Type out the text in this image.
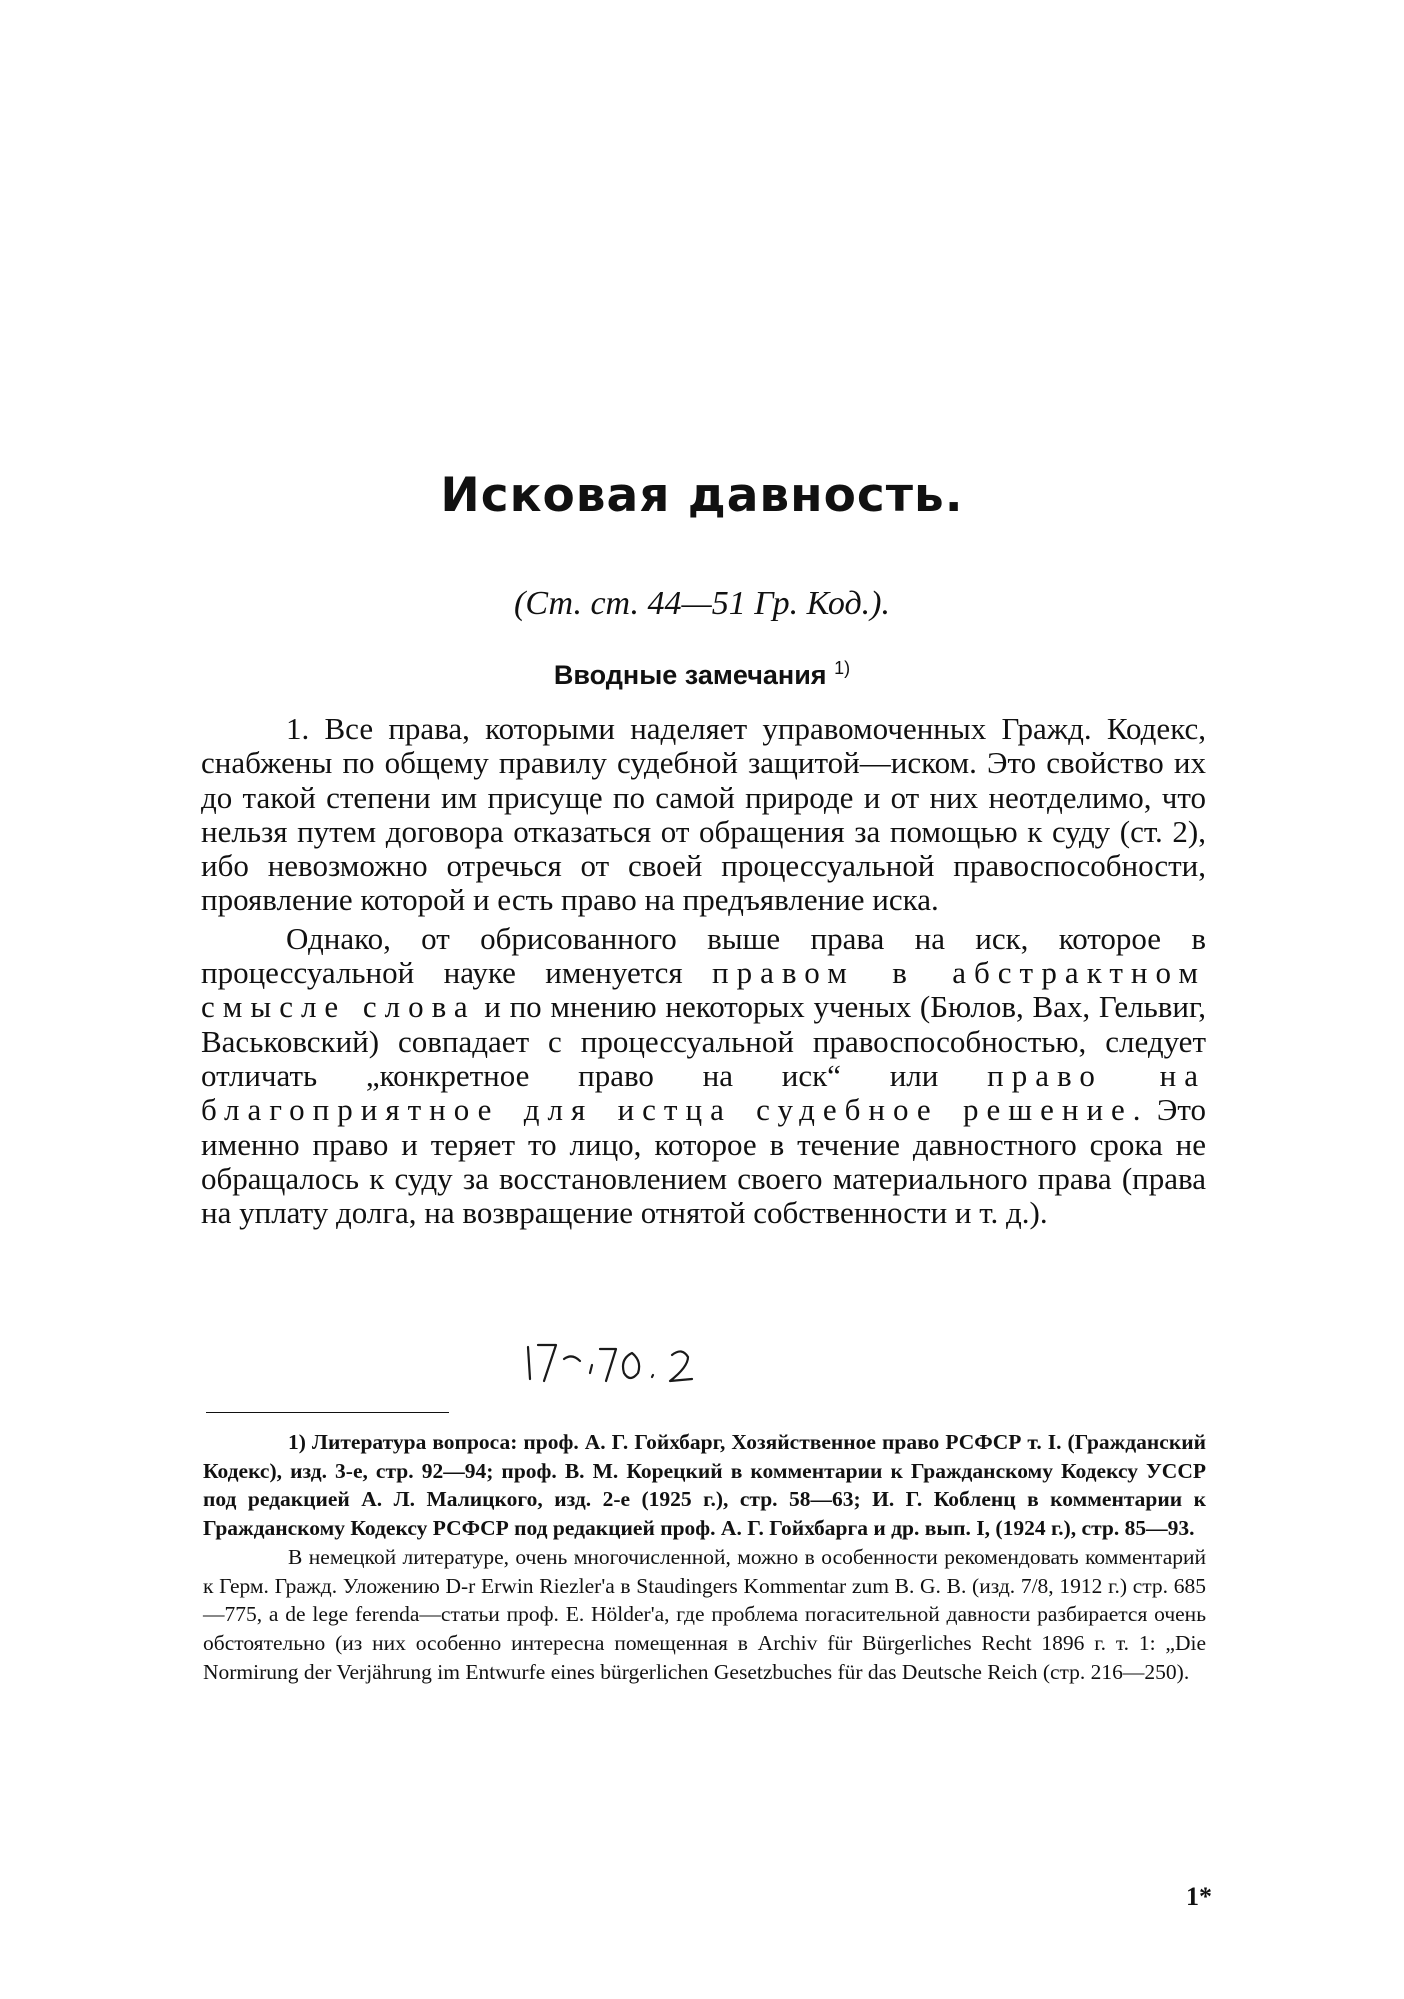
Исковая давность.

(Ст. ст. 44—51 Гр. Код.).

Вводные замечания $^{1)}$

1. Все права, которыми наделяет управомоченных Гражд. Кодекс, снабжены по общему правилу судебной защитой—иском. Это свойство их до такой степени им присуще по самой природе и от них неотделимо, что нельзя путем договора отказаться от обращения за помощью к суду (ст. 2), ибо невозможно отречься от своей процессуальной правоспособности, проявление которой и есть право на предъявление иска.

Однако, от обрисованного выше права на иск, которое в процессуальной науке именуется правом в абстрактном смысле слова и по мнению некоторых ученых (Бюлов, Вах, Гельвиг, Васьковский) совпадает с процессуальной правоспособностью, следует отличать „конкретное право на иск“ или право на благоприятное для истца судебное решение. Это именно право и теряет то лицо, которое в течение давностного срока не обращалось к суду за восстановлением своего материального права (права на уплату долга, на возвращение отнятой собственности и т. д.).

1) Литература вопроса: проф. А. Г. Гойхбарг, Хозяйственное право РСФСР т. I. (Гражданский Кодекс), изд. 3-е, стр. 92—94; проф. В. М. Корецкий в комментарии к Гражданскому Кодексу УССР под редакцией А. Л. Малицкого, изд. 2-е (1925 г.), стр. 58—63; И. Г. Кобленц в комментарии к Гражданскому Кодексу РСФСР под редакцией проф. А. Г. Гойхбарга и др. вып. I, (1924 г.), стр. 85—93.

В немецкой литературе, очень многочисленной, можно в особенности рекомендовать комментарий к Герм. Гражд. Уложению D-r Erwin Riezler'a в Staudingers Kommentar zum B. G. B. (изд. 7/8, 1912 г.) стр. 685—775, a de lege ferenda—статьи проф. E. Hölder'a, где проблема погасительной давности разбирается очень обстоятельно (из них особенно интересна помещенная в Archiv für Bürgerliches Recht 1896 г. т. 1: „Die Normirung der Verjährung im Entwurfe eines bürgerlichen Gesetzbuches für das Deutsche Reich (стр. 216—250).

1*
